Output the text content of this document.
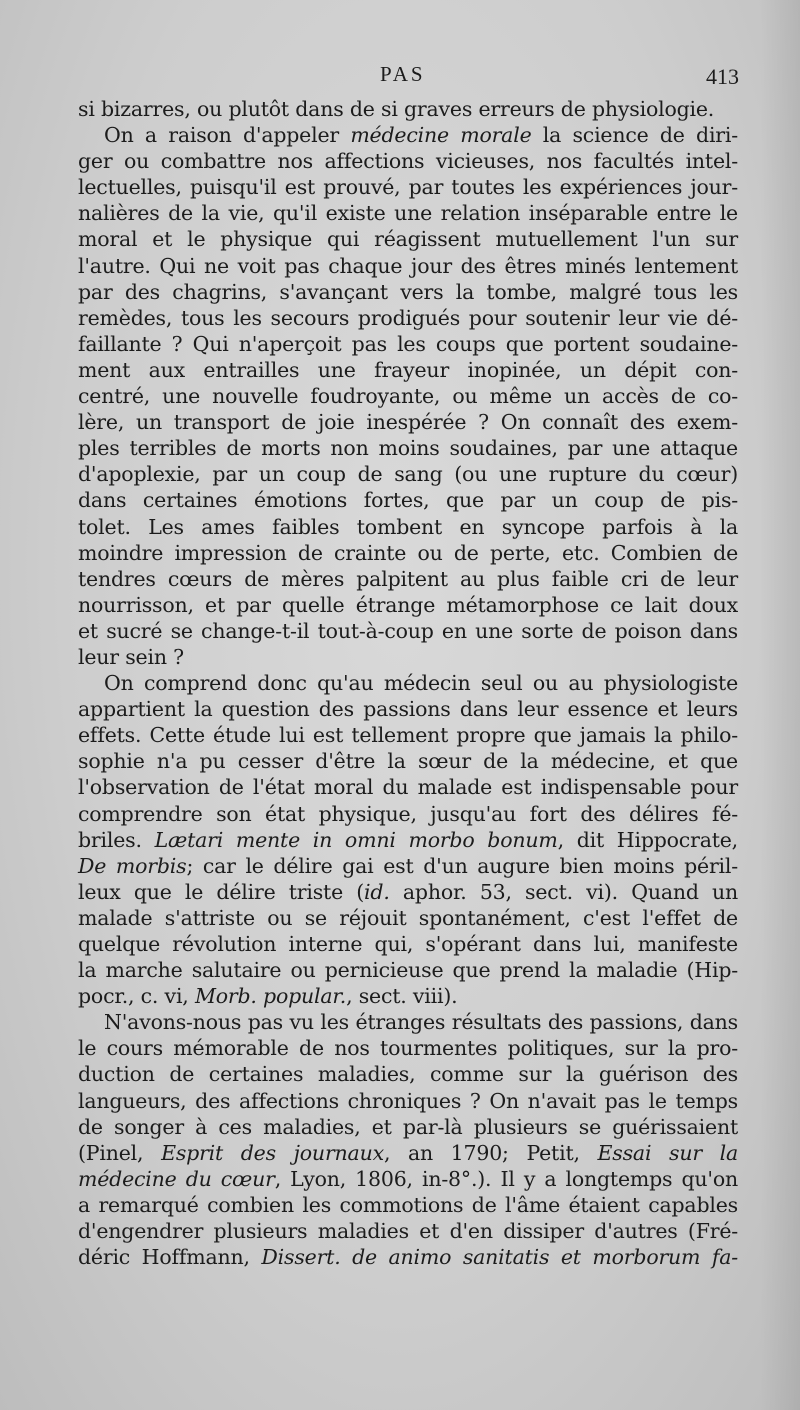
PAS	413
si bizarres, ou plutôt dans de si graves erreurs de physiologie.
On a raison d'appeler médecine morale la science de diri-
ger ou combattre nos affections vicieuses, nos facultés intel-
lectuelles, puisqu'il est prouvé, par toutes les expériences jour-
nalières de la vie, qu'il existe une relation inséparable entre le
moral et le physique qui réagissent mutuellement l'un sur
l'autre. Qui ne voit pas chaque jour des êtres minés lentement
par des chagrins, s'avançant vers la tombe, malgré tous les
remèdes, tous les secours prodigués pour soutenir leur vie dé-
faillante ? Qui n'aperçoit pas les coups que portent soudaine-
ment aux entrailles une frayeur inopinée, un dépit con-
centré, une nouvelle foudroyante, ou même un accès de co-
lère, un transport de joie inespérée ? On connaît des exem-
ples terribles de morts non moins soudaines, par une attaque
d'apoplexie, par un coup de sang (ou une rupture du cœur)
dans certaines émotions fortes, que par un coup de pis-
tolet. Les ames faibles tombent en syncope parfois à la
moindre impression de crainte ou de perte, etc. Combien de
tendres cœurs de mères palpitent au plus faible cri de leur
nourrisson, et par quelle étrange métamorphose ce lait doux
et sucré se change-t-il tout-à-coup en une sorte de poison dans
leur sein ?
On comprend donc qu'au médecin seul ou au physiologiste
appartient la question des passions dans leur essence et leurs
effets. Cette étude lui est tellement propre que jamais la philo-
sophie n'a pu cesser d'être la sœur de la médecine, et que
l'observation de l'état moral du malade est indispensable pour
comprendre son état physique, jusqu'au fort des délires fé-
briles. Lætari mente in omni morbo bonum, dit Hippocrate,
De morbis; car le délire gai est d'un augure bien moins péril-
leux que le délire triste (id. aphor. 53, sect. vi). Quand un
malade s'attriste ou se réjouit spontanément, c'est l'effet de
quelque révolution interne qui, s'opérant dans lui, manifeste
la marche salutaire ou pernicieuse que prend la maladie (Hip-
pocr., c. vi, Morb. popular., sect. viii).
N'avons-nous pas vu les étranges résultats des passions, dans
le cours mémorable de nos tourmentes politiques, sur la pro-
duction de certaines maladies, comme sur la guérison des
langueurs, des affections chroniques ? On n'avait pas le temps
de songer à ces maladies, et par-là plusieurs se guérissaient
(Pinel, Esprit des journaux, an 1790; Petit, Essai sur la
médecine du cœur, Lyon, 1806, in-8°.). Il y a longtemps qu'on
a remarqué combien les commotions de l'âme étaient capables
d'engendrer plusieurs maladies et d'en dissiper d'autres (Fré-
déric Hoffmann, Dissert. de animo sanitatis et morborum fa-
